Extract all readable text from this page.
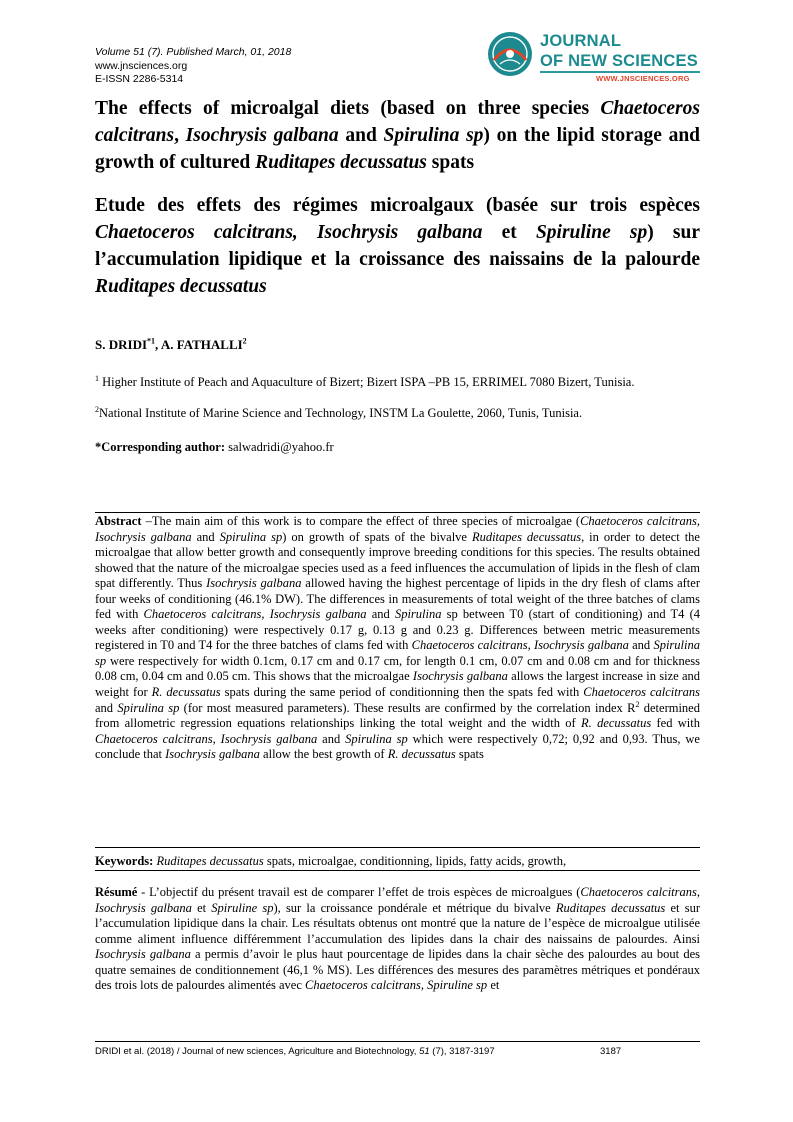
Volume 51 (7). Published March, 01, 2018
www.jnsciences.org
E-ISSN 2286-5314
JOURNAL
OF NEW SCIENCES
WWW.JNSCIENCES.ORG
The effects of microalgal diets (based on three species Chaetoceros calcitrans, Isochrysis galbana and Spirulina sp) on the lipid storage and growth of cultured Ruditapes decussatus spats
Etude des effets des régimes microalgaux (basée sur trois espèces Chaetoceros calcitrans, Isochrysis galbana et Spiruline sp) sur l’accumulation lipidique et la croissance des naissains de la palourde Ruditapes decussatus
S. DRIDI$^{*1}$, A. FATHALLI$^2$
$^1$ Higher Institute of Peach and Aquaculture of Bizert; Bizert ISPA –PB 15, ERRIMEL 7080 Bizert, Tunisia.
$^2$National Institute of Marine Science and Technology, INSTM La Goulette, 2060, Tunis, Tunisia.
*Corresponding author: salwadridi@yahoo.fr
Abstract –The main aim of this work is to compare the effect of three species of microalgae (Chaetoceros calcitrans, Isochrysis galbana and Spirulina sp) on growth of spats of the bivalve Ruditapes decussatus, in order to detect the microalgae that allow better growth and consequently improve breeding conditions for this species. The results obtained showed that the nature of the microalgae species used as a feed influences the accumulation of lipids in the flesh of clam spat differently. Thus Isochrysis galbana allowed having the highest percentage of lipids in the dry flesh of clams after four weeks of conditioning (46.1% DW). The differences in measurements of total weight of the three batches of clams fed with Chaetoceros calcitrans, Isochrysis galbana and Spirulina sp between T0 (start of conditioning) and T4 (4 weeks after conditioning) were respectively 0.17 g, 0.13 g and 0.23 g. Differences between metric measurements registered in T0 and T4 for the three batches of clams fed with Chaetoceros calcitrans, Isochrysis galbana and Spirulina sp were respectively for width 0.1cm, 0.17 cm and 0.17 cm, for length 0.1 cm, 0.07 cm and 0.08 cm and for thickness 0.08 cm, 0.04 cm and 0.05 cm. This shows that the microalgae Isochrysis galbana allows the largest increase in size and weight for R. decussatus spats during the same period of conditionning then the spats fed with Chaetoceros calcitrans and Spirulina sp (for most measured parameters). These results are confirmed by the correlation index $R^2$ determined from allometric regression equations relationships linking the total weight and the width of R. decussatus fed with Chaetoceros calcitrans, Isochrysis galbana and Spirulina sp which were respectively 0,72; 0,92 and 0,93. Thus, we conclude that Isochrysis galbana allow the best growth of R. decussatus spats
Keywords: Ruditapes decussatus spats, microalgae, conditionning, lipids, fatty acids, growth,
Résumé - L’objectif du présent travail est de comparer l’effet de trois espèces de microalgues (Chaetoceros calcitrans, Isochrysis galbana et Spiruline sp), sur la croissance pondérale et métrique du bivalve Ruditapes decussatus et sur l’accumulation lipidique dans la chair. Les résultats obtenus ont montré que la nature de l’espèce de microalgue utilisée comme aliment influence différemment l’accumulation des lipides dans la chair des naissains de palourdes. Ainsi Isochrysis galbana a permis d’avoir le plus haut pourcentage de lipides dans la chair sèche des palourdes au bout des quatre semaines de conditionnement (46,1 % MS). Les différences des mesures des paramètres métriques et pondéraux des trois lots de palourdes alimentés avec Chaetoceros calcitrans, Spiruline sp et
DRIDI et al. (2018) / Journal of new sciences, Agriculture and Biotechnology, 51 (7), 3187-3197	3187
